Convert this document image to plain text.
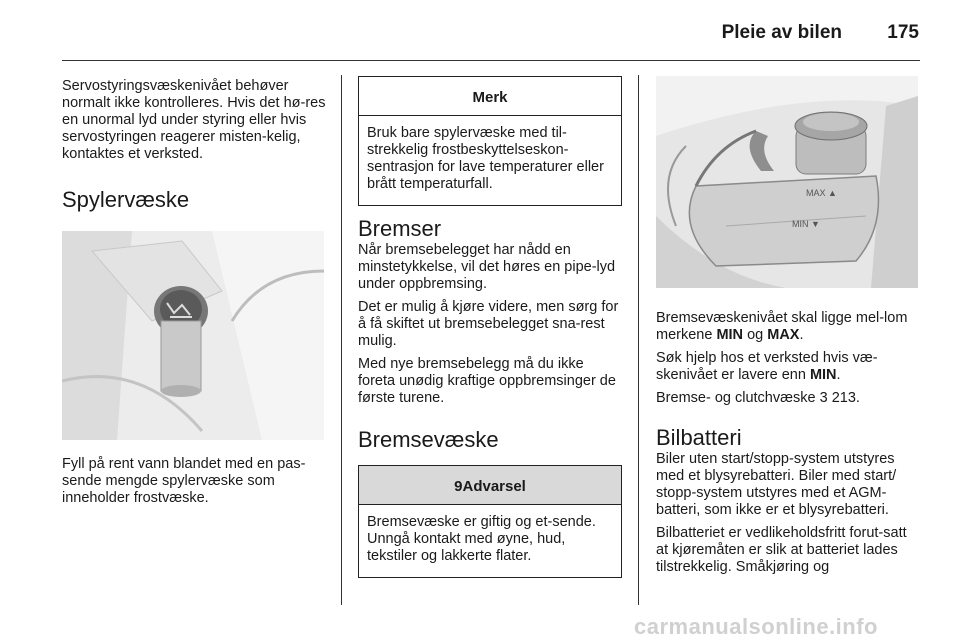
Pleie av bilen 175

Servostyringsvæskenivået behøver normalt ikke kontrolleres. Hvis det hø-res en unormal lyd under styring eller hvis servostyringen reagerer misten-kelig, kontaktes et verksted.

Spylervæske

Fyll på rent vann blandet med en pas-sende mengde spylervæske som inneholder frostvæske.

Merk
Bruk bare spylervæske med til-strekkelig frostbeskyttelseskon-sentrasjon for lave temperaturer eller brått temperaturfall.
Bremser

Når bremsebelegget har nådd en minstetykkelse, vil det høres en pipe-lyd under oppbremsing.

Det er mulig å kjøre videre, men sørg for å få skiftet ut bremsebelegget sna-rest mulig.

Med nye bremsebelegg må du ikke foreta unødig kraftige oppbremsinger de første turene.

Bremsevæske
9Advarsel
Bremsevæske er giftig og et-sende. Unngå kontakt med øyne, hud, tekstiler og lakkerte flater.
MAX ▲
MIN ▼

Bremsevæskenivået skal ligge mel-lom merkene MIN og MAX.

Søk hjelp hos et verksted hvis væ-skenivået er lavere enn MIN.

Bremse- og clutchvæske 3 213.

Bilbatteri

Biler uten start/stopp-system utstyres med et blysyrebatteri. Biler med start/ stopp-system utstyres med et AGM-batteri, som ikke er et blysyrebatteri.

Bilbatteriet er vedlikeholdsfritt forut-satt at kjøremåten er slik at batteriet lades tilstrekkelig. Småkjøring og

carmanualsonline.info
